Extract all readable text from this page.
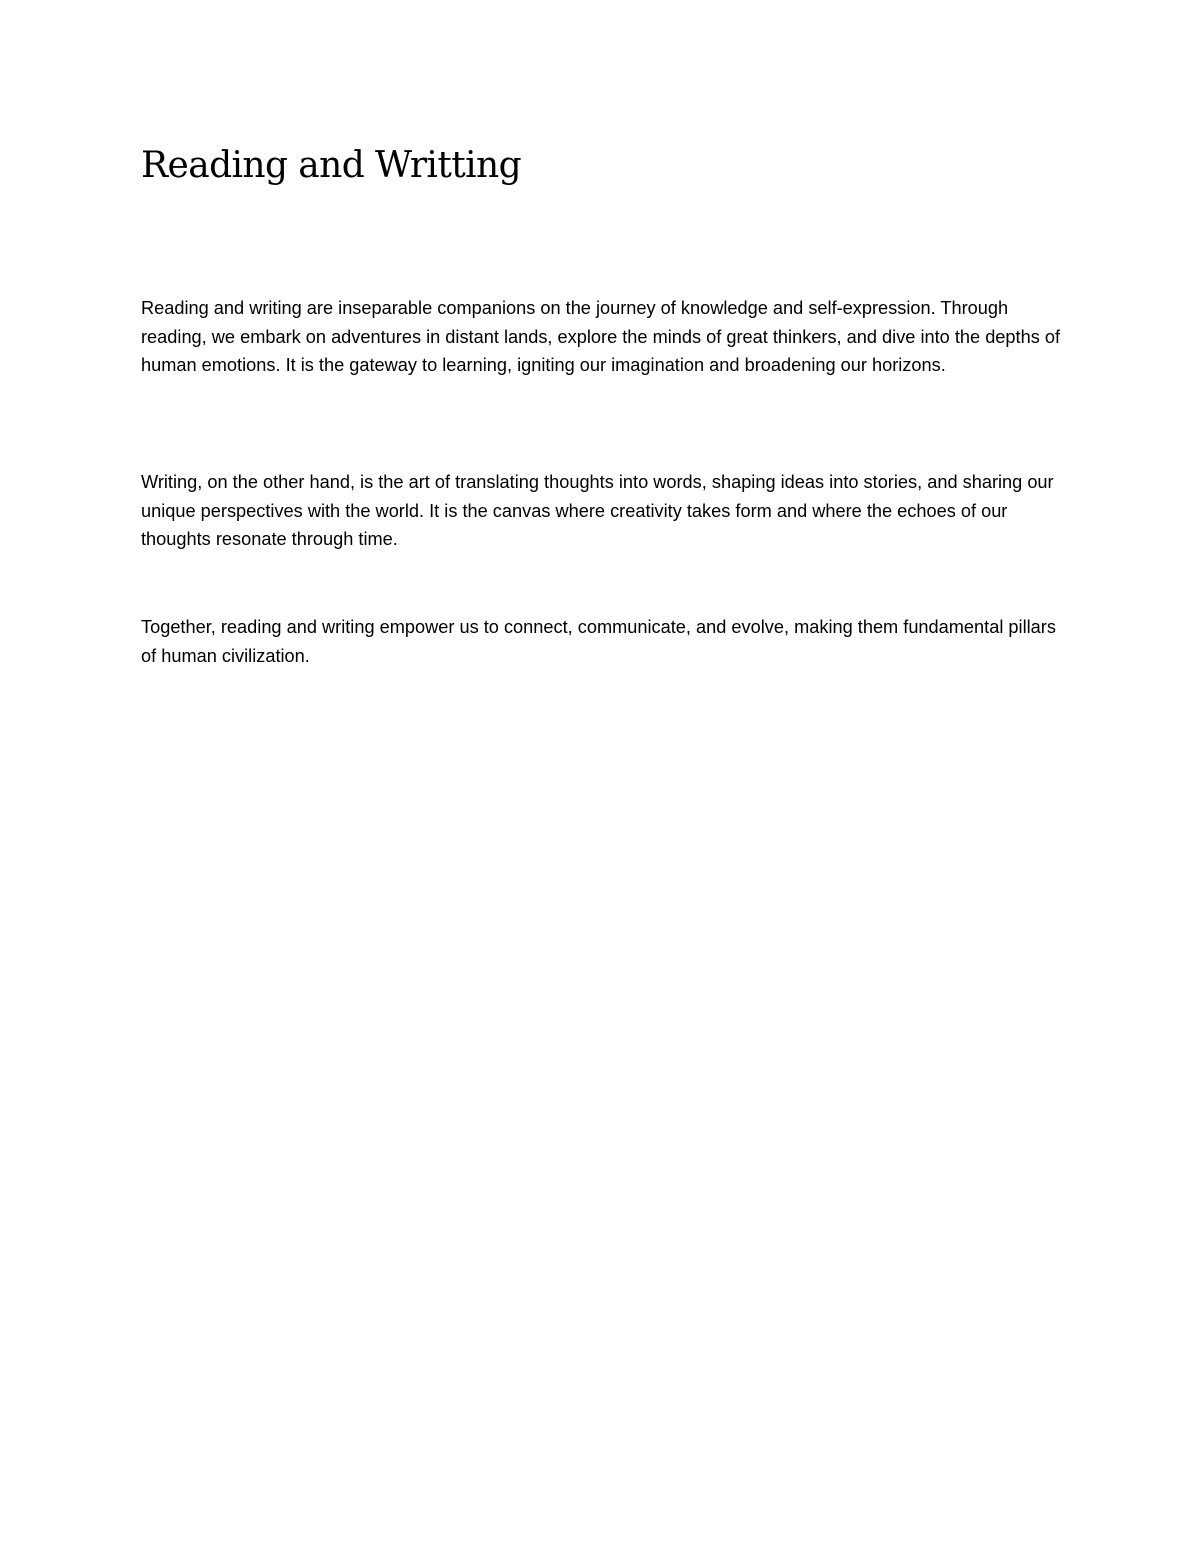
Reading and Writting

Reading and writing are inseparable companions on the journey of knowledge and self-expression. Through reading, we embark on adventures in distant lands, explore the minds of great thinkers, and dive into the depths of human emotions. It is the gateway to learning, igniting our imagination and broadening our horizons.

Writing, on the other hand, is the art of translating thoughts into words, shaping ideas into stories, and sharing our unique perspectives with the world. It is the canvas where creativity takes form and where the echoes of our thoughts resonate through time.

Together, reading and writing empower us to connect, communicate, and evolve, making them fundamental pillars of human civilization.
